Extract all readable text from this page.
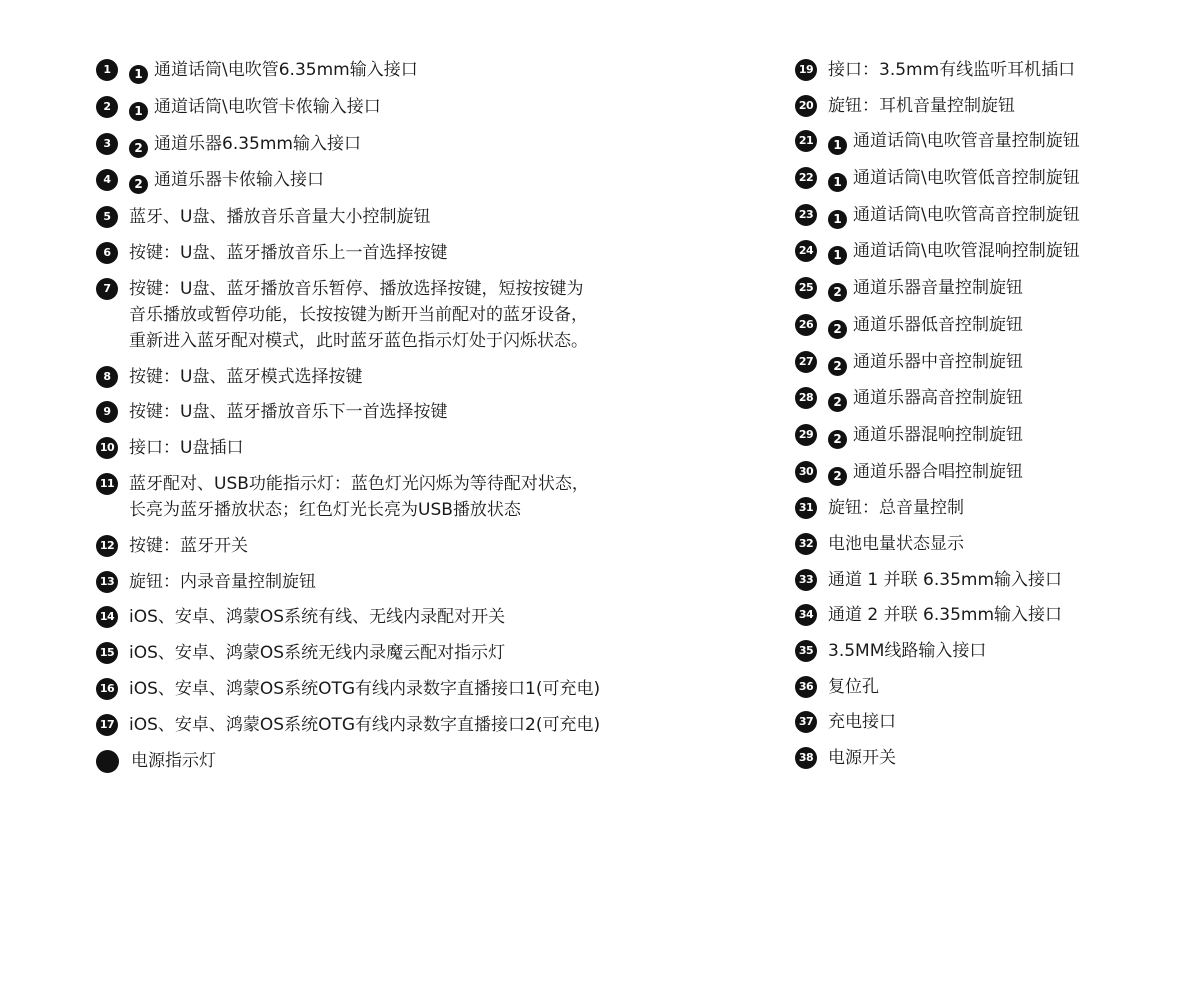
1	1 通道话筒\电吹管6.35mm输入接口
2	1 通道话筒\电吹管卡侬输入接口
3	2 通道乐器6.35mm输入接口
4	2 通道乐器卡侬输入接口
5	蓝牙、U盘、播放音乐音量大小控制旋钮
6	按键：U盘、蓝牙播放音乐上一首选择按键
7	按键：U盘、蓝牙播放音乐暂停、播放选择按键，短按按键为
音乐播放或暂停功能，长按按键为断开当前配对的蓝牙设备，
重新进入蓝牙配对模式，此时蓝牙蓝色指示灯处于闪烁状态。
8	按键：U盘、蓝牙模式选择按键
9	按键：U盘、蓝牙播放音乐下一首选择按键
10 接口：U盘插口
11 蓝牙配对、USB功能指示灯：蓝色灯光闪烁为等待配对状态，
长亮为蓝牙播放状态；红色灯光长亮为USB播放状态
12 按键：蓝牙开关
13 旋钮：内录音量控制旋钮
14 iOS、安卓、鸿蒙OS系统有线、无线内录配对开关
15 iOS、安卓、鸿蒙OS系统无线内录魔云配对指示灯
16 iOS、安卓、鸿蒙OS系统OTG有线内录数字直播接口1(可充电)
17 iOS、安卓、鸿蒙OS系统OTG有线内录数字直播接口2(可充电)
电源指示灯
19 接口：3.5mm有线监听耳机插口
20 旋钮：耳机音量控制旋钮
21	1 通道话筒\电吹管音量控制旋钮
22	1 通道话筒\电吹管低音控制旋钮
23	1 通道话筒\电吹管高音控制旋钮
24	1 通道话筒\电吹管混响控制旋钮
25	2 通道乐器音量控制旋钮
26	2 通道乐器低音控制旋钮
27	2 通道乐器中音控制旋钮
28	2 通道乐器高音控制旋钮
29	2 通道乐器混响控制旋钮
30	2 通道乐器合唱控制旋钮
31 旋钮：总音量控制
32 电池电量状态显示
33 通道 1 并联 6.35mm输入接口
34 通道 2 并联 6.35mm输入接口
35 3.5MM线路输入接口
36 复位孔
37 充电接口
38 电源开关
